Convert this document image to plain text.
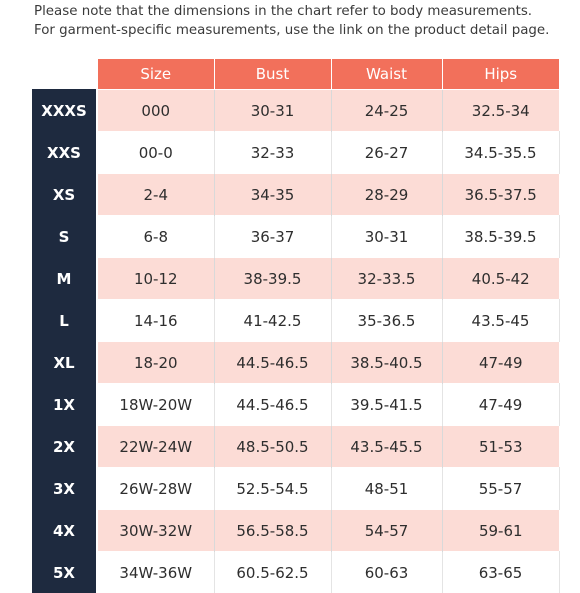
Please note that the dimensions in the chart refer to body measurements.
For garment-specific measurements, use the link on the product detail page.
	Size	Bust	Waist	Hips
XXXS	000	30-31	24-25	32.5-34
XXS	00-0	32-33	26-27	34.5-35.5
XS	2-4	34-35	28-29	36.5-37.5
S	6-8	36-37	30-31	38.5-39.5
M	10-12	38-39.5	32-33.5	40.5-42
L	14-16	41-42.5	35-36.5	43.5-45
XL	18-20	44.5-46.5	38.5-40.5	47-49
1X	18W-20W	44.5-46.5	39.5-41.5	47-49
2X	22W-24W	48.5-50.5	43.5-45.5	51-53
3X	26W-28W	52.5-54.5	48-51	55-57
4X	30W-32W	56.5-58.5	54-57	59-61
5X	34W-36W	60.5-62.5	60-63	63-65
